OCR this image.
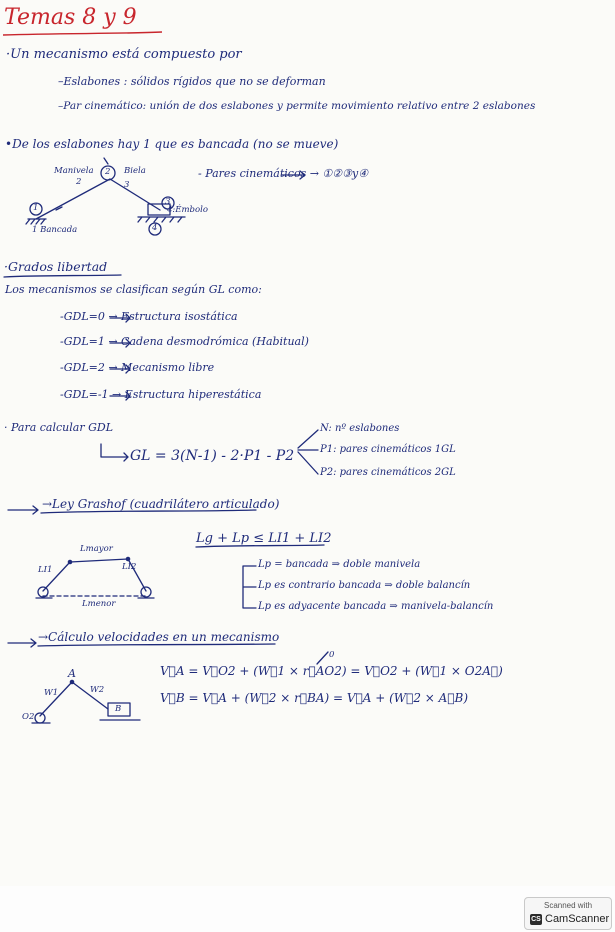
Temas 8 y 9
·Un mecanismo está compuesto por
–Eslabones : sólidos rígidos que no se deforman
–Par cinemático: unión de dos eslabones y permite movimiento relativo entre 2 eslabones
•De los eslabones hay 1 que es bancada (no se mueve)
- Pares cinemáticos → ①②③y④
Manivela
2
Biela
3
4:Émbolo
1
2
3
4
1 Bancada
·Grados libertad
Los mecanismos se clasifican según GL como:
-GDL=0 → Estructura isostática
-GDL=1 → Cadena desmodrómica (Habitual)
-GDL=2 → Mecanismo libre
-GDL=-1 → Estructura hiperestática
· Para calcular GDL
GL = 3(N-1) - 2·P1 - P2
N: nº eslabones
P1: pares cinemáticos 1GL
P2: pares cinemáticos 2GL
→Ley Grashof (cuadrilátero articulado)
Lg + Lp ≤ LI1 + LI2
Lmayor
LI1	LI2
Lmenor
Lp = bancada ⇒ doble manivela
Lp es contrario bancada ⇒ doble balancín
Lp es adyacente bancada ⇒ manivela-balancín
→Cálculo velocidades en un mecanismo
V⃗A = V⃗O2 + (W⃗1 × r⃗AO2) = V⃗O2 + (W⃗1 × O2A⃗)
0
V⃗B = V⃗A + (W⃗2 × r⃗BA) = V⃗A + (W⃗2 × A⃗B)
A
B
W1	W2
O2
Scanned with
CS CamScanner
